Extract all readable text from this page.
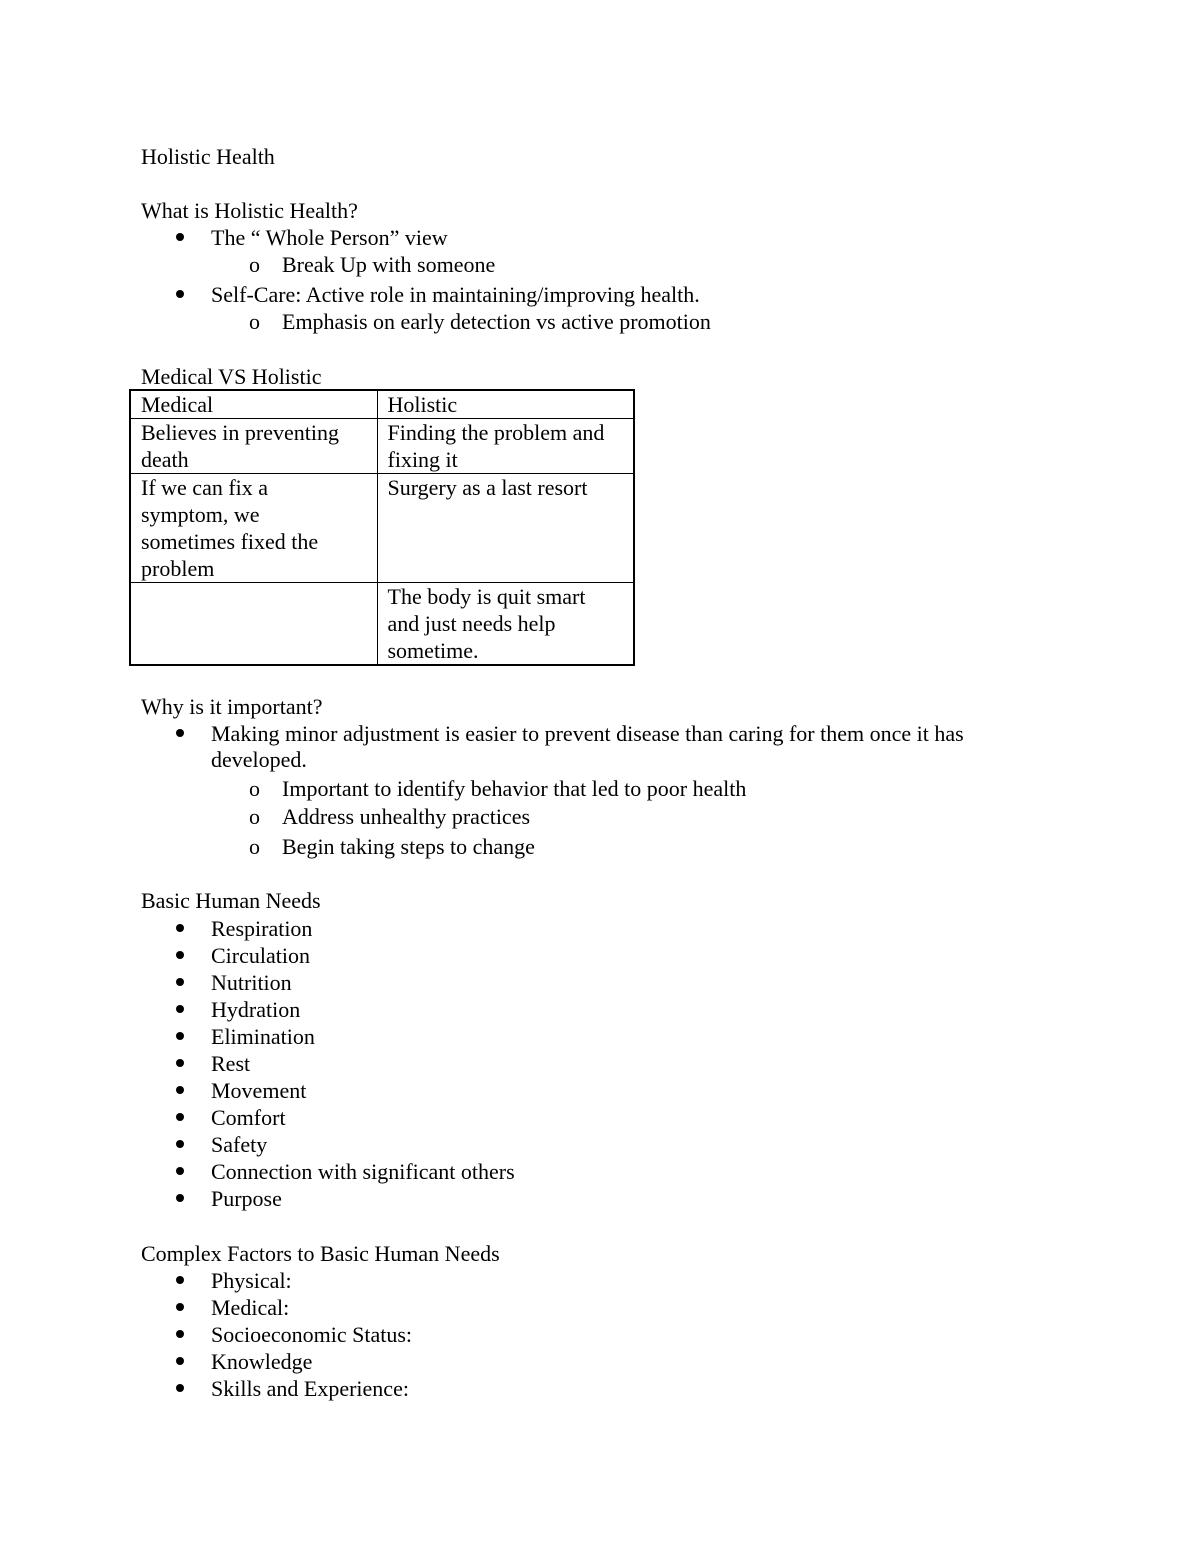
Holistic Health
What is Holistic Health?
The “ Whole Person” view
o Break Up with someone
Self-Care: Active role in maintaining/improving health.
o Emphasis on early detection vs active promotion
Medical VS Holistic
Medical	Holistic
Believes in preventing death	Finding the problem and fixing it
If we can fix a symptom, we sometimes fixed the problem	Surgery as a last resort
	The body is quit smart and just needs help sometime.
Why is it important?
Making minor adjustment is easier to prevent disease than caring for them once it has
developed.
o Important to identify behavior that led to poor health
o Address unhealthy practices
o Begin taking steps to change
Basic Human Needs
Respiration
Circulation
Nutrition
Hydration
Elimination
Rest
Movement
Comfort
Safety
Connection with significant others
Purpose
Complex Factors to Basic Human Needs
Physical:
Medical:
Socioeconomic Status:
Knowledge
Skills and Experience:
